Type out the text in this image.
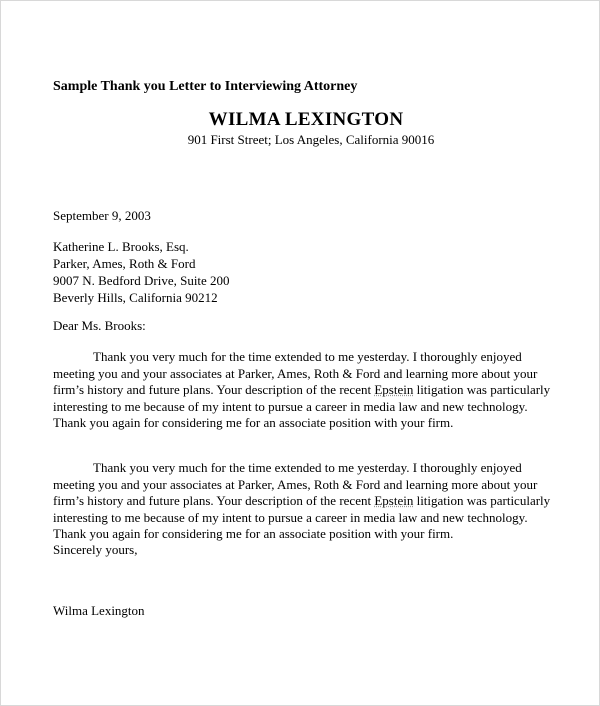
Sample Thank you Letter to Interviewing Attorney
WILMA LEXINGTON
901 First Street; Los Angeles, California 90016
September 9, 2003
Katherine L. Brooks, Esq.
Parker, Ames, Roth & Ford
9007 N. Bedford Drive, Suite 200
Beverly Hills, California 90212
Dear Ms. Brooks:
Thank you very much for the time extended to me yesterday. I thoroughly enjoyed
meeting you and your associates at Parker, Ames, Roth & Ford and learning more about your
firm’s history and future plans. Your description of the recent Epstein litigation was particularly
interesting to me because of my intent to pursue a career in media law and new technology.
Thank you again for considering me for an associate position with your firm.
Thank you very much for the time extended to me yesterday. I thoroughly enjoyed
meeting you and your associates at Parker, Ames, Roth & Ford and learning more about your
firm’s history and future plans. Your description of the recent Epstein litigation was particularly
interesting to me because of my intent to pursue a career in media law and new technology.
Thank you again for considering me for an associate position with your firm.
Sincerely yours,
Wilma Lexington
